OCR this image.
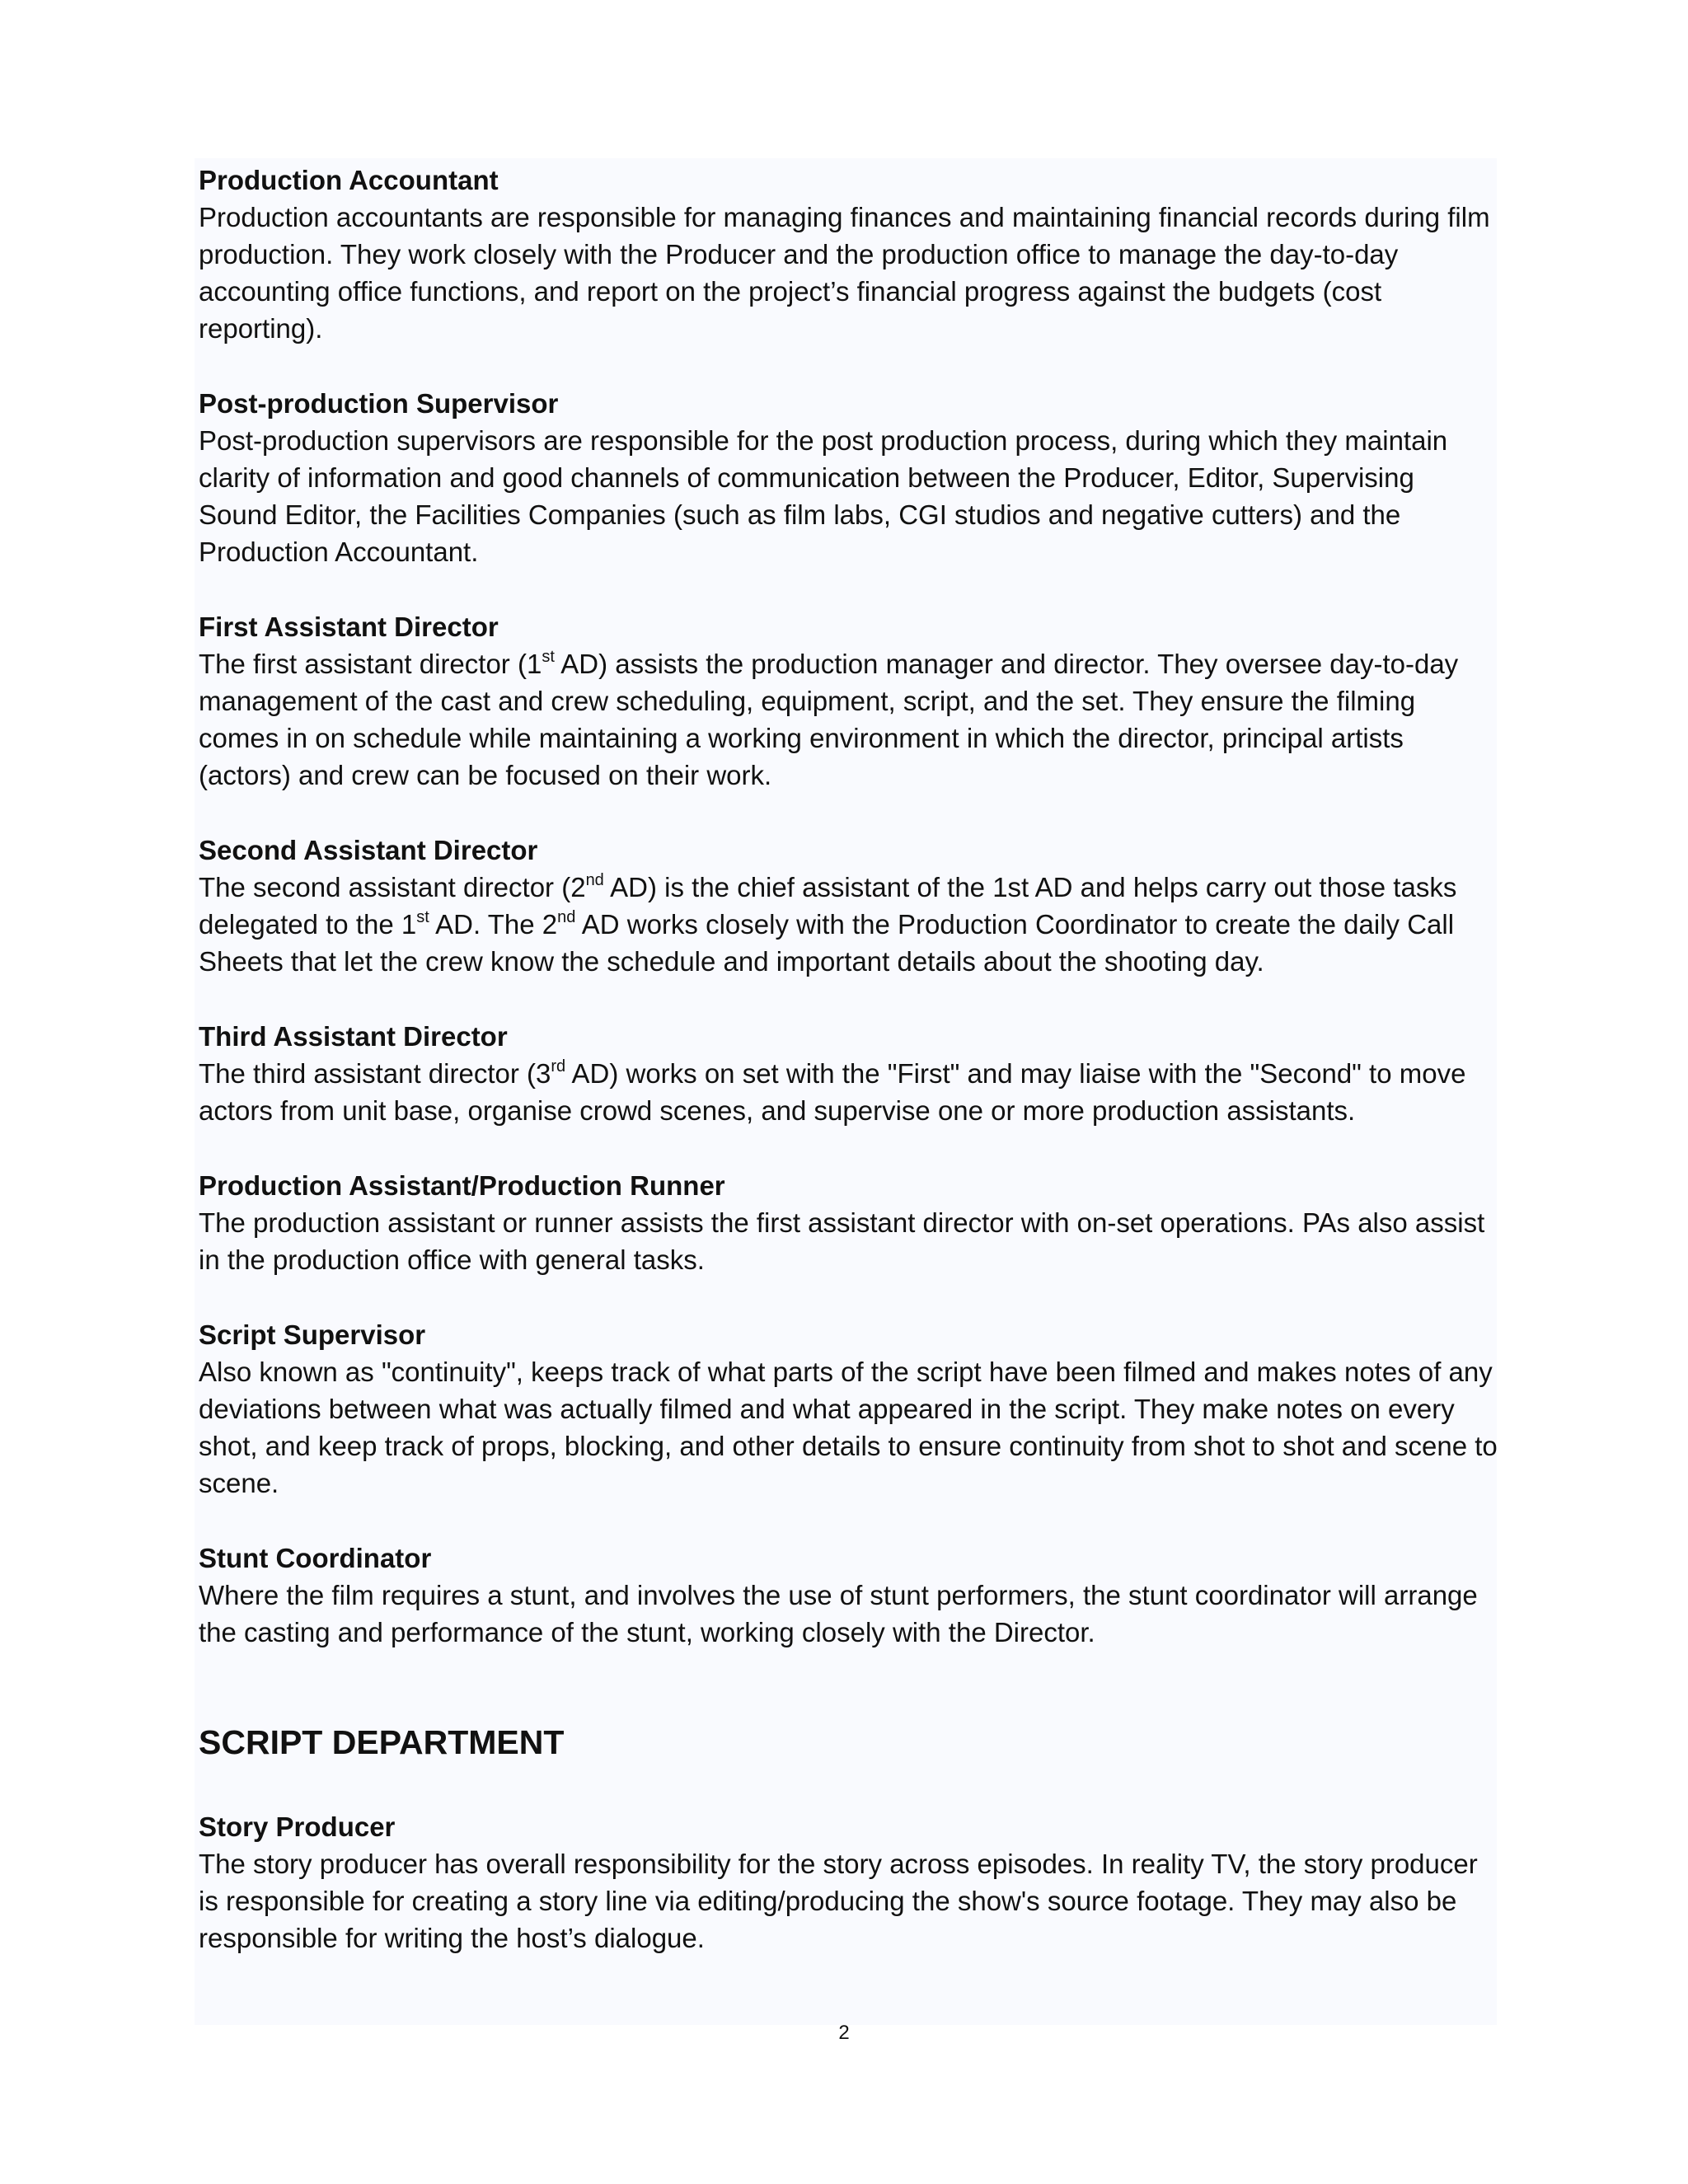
Production Accountant

Production accountants are responsible for managing finances and maintaining financial records during film production. They work closely with the Producer and the production office to manage the day-to-day accounting office functions, and report on the project’s financial progress against the budgets (cost reporting).

Post-production Supervisor

Post-production supervisors are responsible for the post production process, during which they maintain clarity of information and good channels of communication between the Producer, Editor, Supervising Sound Editor, the Facilities Companies (such as film labs, CGI studios and negative cutters) and the Production Accountant.

First Assistant Director

The first assistant director (1st AD) assists the production manager and director. They oversee day-to-day management of the cast and crew scheduling, equipment, script, and the set. They ensure the filming comes in on schedule while maintaining a working environment in which the director, principal artists (actors) and crew can be focused on their work.

Second Assistant Director

The second assistant director (2nd AD) is the chief assistant of the 1st AD and helps carry out those tasks delegated to the 1st AD. The 2nd AD works closely with the Production Coordinator to create the daily Call Sheets that let the crew know the schedule and important details about the shooting day.

Third Assistant Director

The third assistant director (3rd AD) works on set with the "First" and may liaise with the "Second" to move actors from unit base, organise crowd scenes, and supervise one or more production assistants.

Production Assistant/Production Runner

The production assistant or runner assists the first assistant director with on-set operations. PAs also assist in the production office with general tasks.

Script Supervisor

Also known as "continuity", keeps track of what parts of the script have been filmed and makes notes of any deviations between what was actually filmed and what appeared in the script. They make notes on every shot, and keep track of props, blocking, and other details to ensure continuity from shot to shot and scene to scene.

Stunt Coordinator

Where the film requires a stunt, and involves the use of stunt performers, the stunt coordinator will arrange the casting and performance of the stunt, working closely with the Director.

SCRIPT DEPARTMENT

Story Producer

The story producer has overall responsibility for the story across episodes. In reality TV, the story producer is responsible for creating a story line via editing/producing the show's source footage. They may also be responsible for writing the host’s dialogue.

2
